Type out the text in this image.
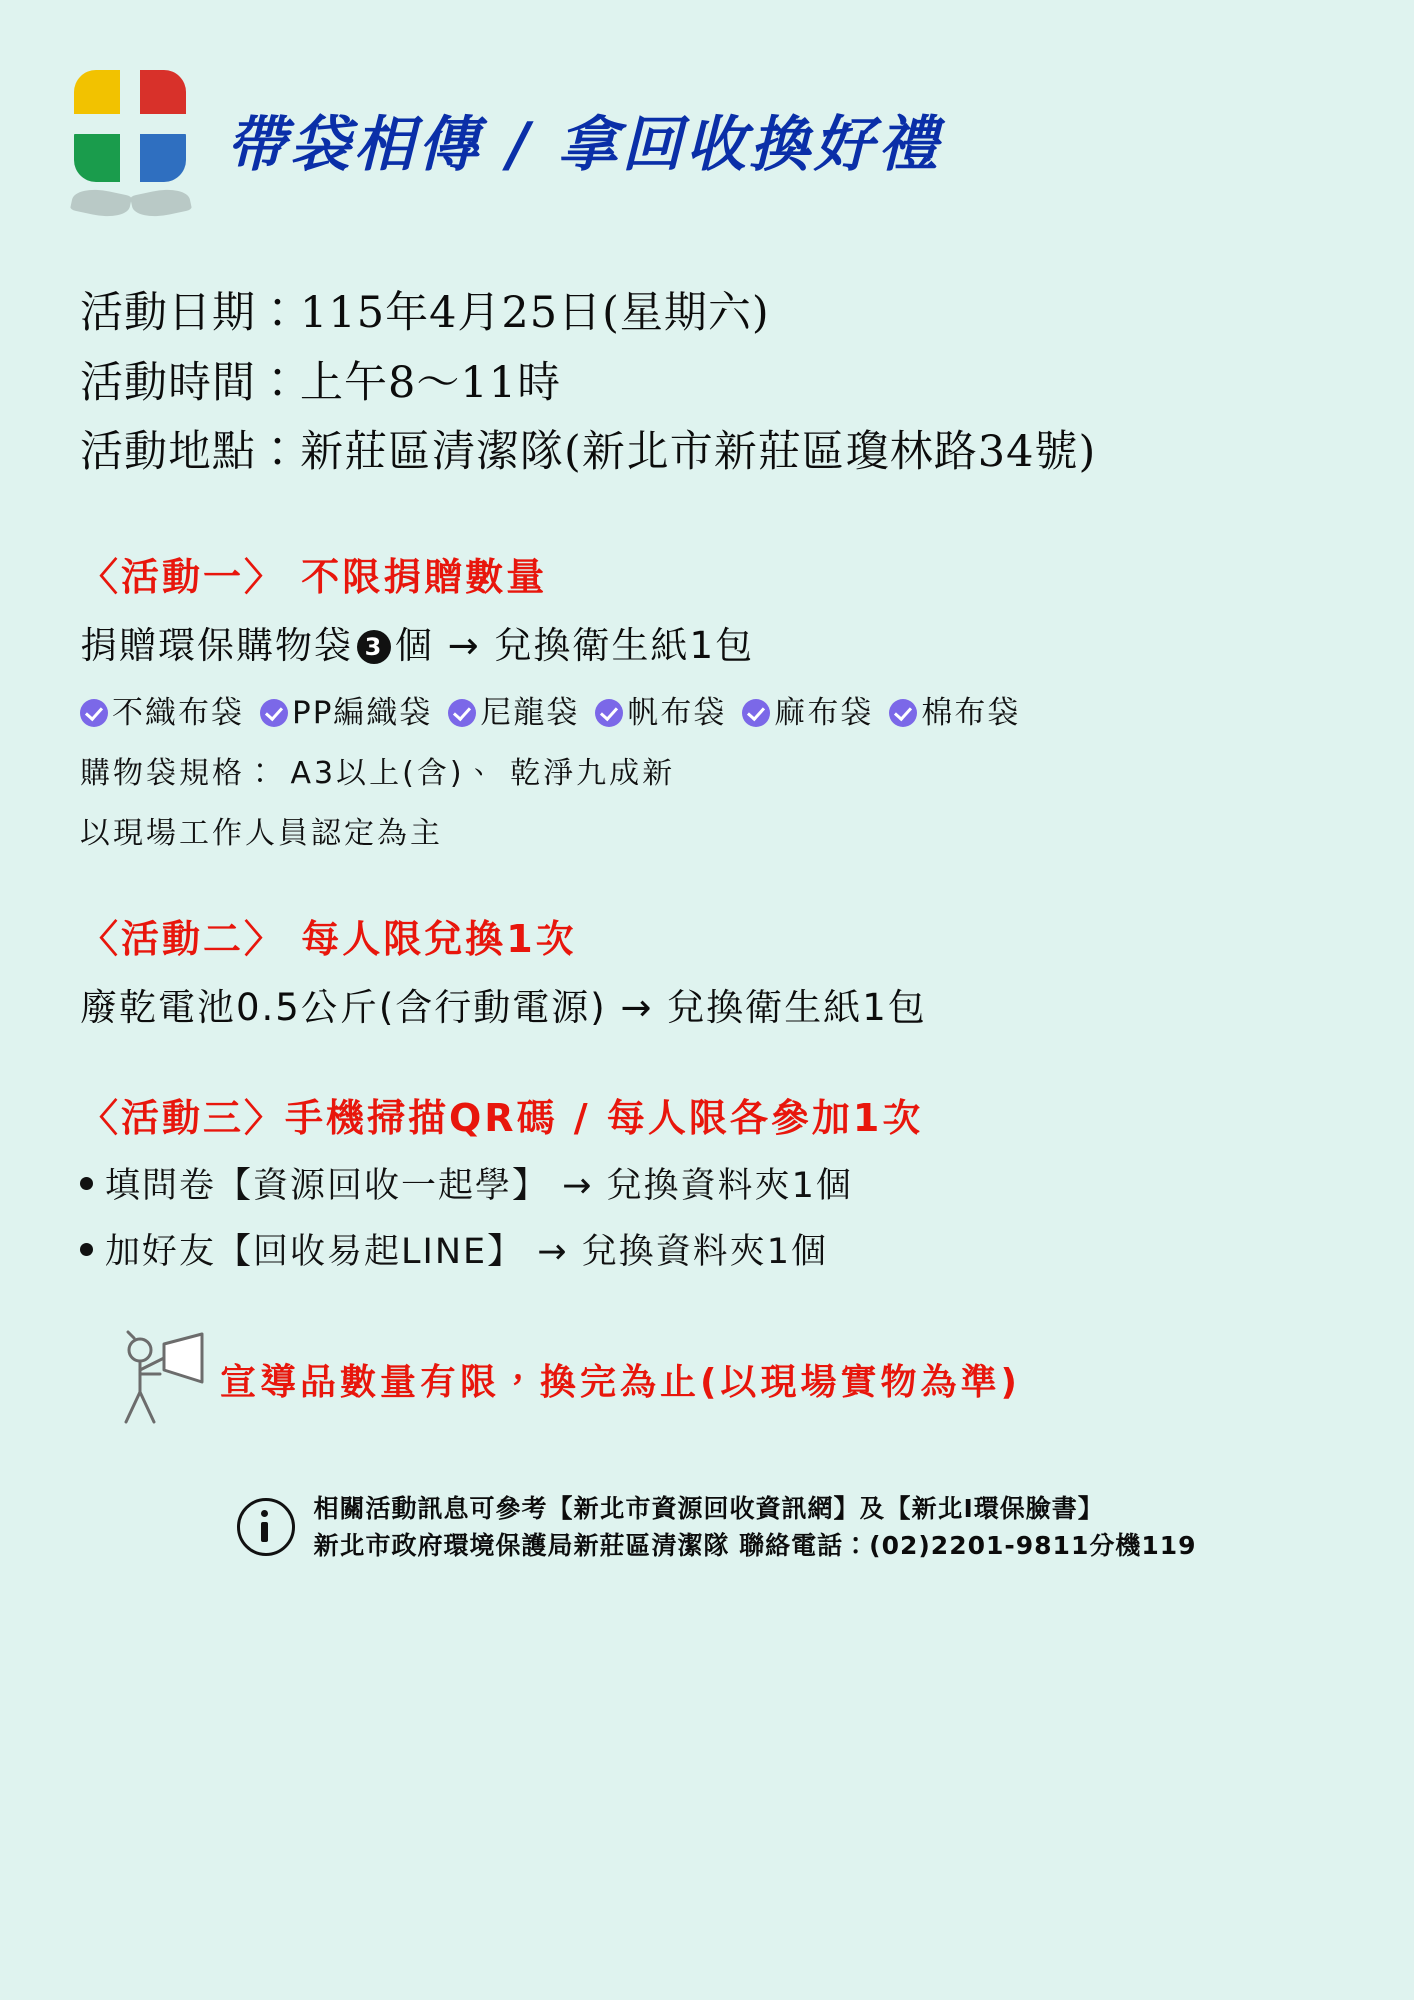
帶袋相傳 / 拿回收換好禮
活動日期：115年4月25日(星期六)
活動時間：上午8～11時
活動地點：新莊區清潔隊(新北市新莊區瓊林路34號)
〈活動一〉 不限捐贈數量
捐贈環保購物袋 3 個 → 兌換衛生紙1包
不織布袋 PP編織袋 尼龍袋 帆布袋 麻布袋 棉布袋
購物袋規格： A3以上(含)、 乾淨九成新
以現場工作人員認定為主
〈活動二〉 每人限兌換1次
廢乾電池0.5公斤(含行動電源) → 兌換衛生紙1包
〈活動三〉手機掃描QR碼 / 每人限各參加1次
填問卷【資源回收一起學】 → 兌換資料夾1個
加好友【回收易起LINE】 → 兌換資料夾1個
宣導品數量有限，換完為止(以現場實物為準)
相關活動訊息可參考【新北市資源回收資訊網】及【新北I環保臉書】
新北市政府環境保護局新莊區清潔隊 聯絡電話：(02)2201-9811分機119
